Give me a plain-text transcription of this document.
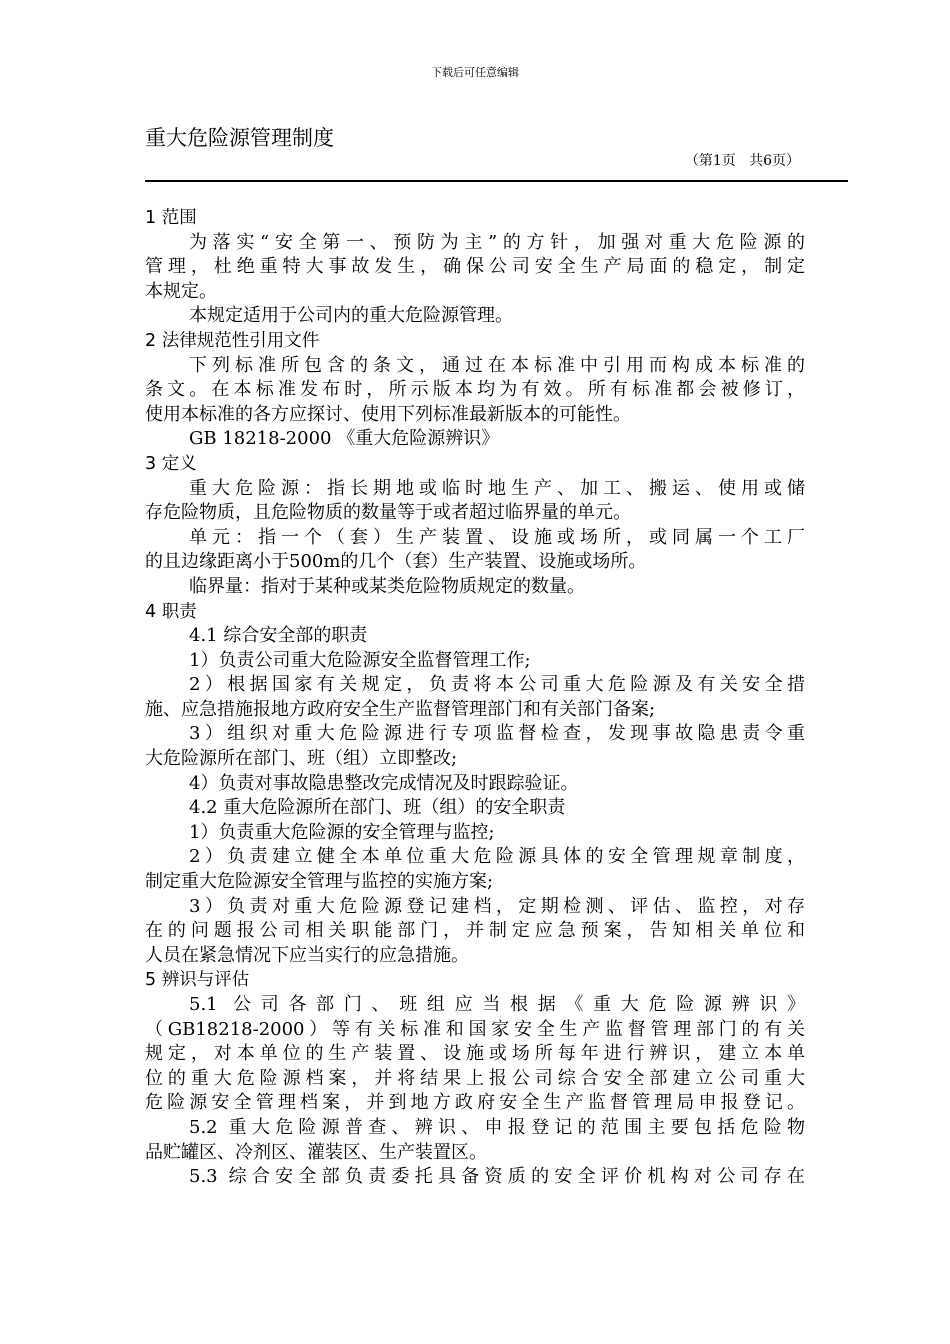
下载后可任意编辑
重大危险源管理制度
（第1页   共6页）
1 范围
为落实“安全第一、预防为主”的方针，加强对重大危险源的
管理，杜绝重特大事故发生，确保公司安全生产局面的稳定，制定
本规定。
本规定适用于公司内的重大危险源管理。
2 法律规范性引用文件
下列标准所包含的条文，通过在本标准中引用而构成本标准的
条文。在本标准发布时，所示版本均为有效。所有标准都会被修订，
使用本标准的各方应探讨、使用下列标准最新版本的可能性。
GB 18218-2000 《重大危险源辨识》
3 定义
重大危险源：指长期地或临时地生产、加工、搬运、使用或储
存危险物质，且危险物质的数量等于或者超过临界量的单元。
单元：指一个（套）生产装置、设施或场所，或同属一个工厂
的且边缘距离小于500m的几个（套）生产装置、设施或场所。
临界量：指对于某种或某类危险物质规定的数量。
4 职责
4.1 综合安全部的职责
1）负责公司重大危险源安全监督管理工作;
2）根据国家有关规定，负责将本公司重大危险源及有关安全措
施、应急措施报地方政府安全生产监督管理部门和有关部门备案;
3）组织对重大危险源进行专项监督检查，发现事故隐患责令重
大危险源所在部门、班（组）立即整改;
4）负责对事故隐患整改完成情况及时跟踪验证。
4.2 重大危险源所在部门、班（组）的安全职责
1）负责重大危险源的安全管理与监控;
2）负责建立健全本单位重大危险源具体的安全管理规章制度，
制定重大危险源安全管理与监控的实施方案;
3）负责对重大危险源登记建档，定期检测、评估、监控，对存
在的问题报公司相关职能部门，并制定应急预案，告知相关单位和
人员在紧急情况下应当实行的应急措施。
5 辨识与评估
5.1 公司各部门、班组应当根据《重大危险源辨识》
（GB18218-2000）等有关标准和国家安全生产监督管理部门的有关
规定，对本单位的生产装置、设施或场所每年进行辨识，建立本单
位的重大危险源档案，并将结果上报公司综合安全部建立公司重大
危险源安全管理档案，并到地方政府安全生产监督管理局申报登记。
5.2 重大危险源普查、辨识、申报登记的范围主要包括危险物
品贮罐区、冷剂区、灌装区、生产装置区。
5.3 综合安全部负责委托具备资质的安全评价机构对公司存在
